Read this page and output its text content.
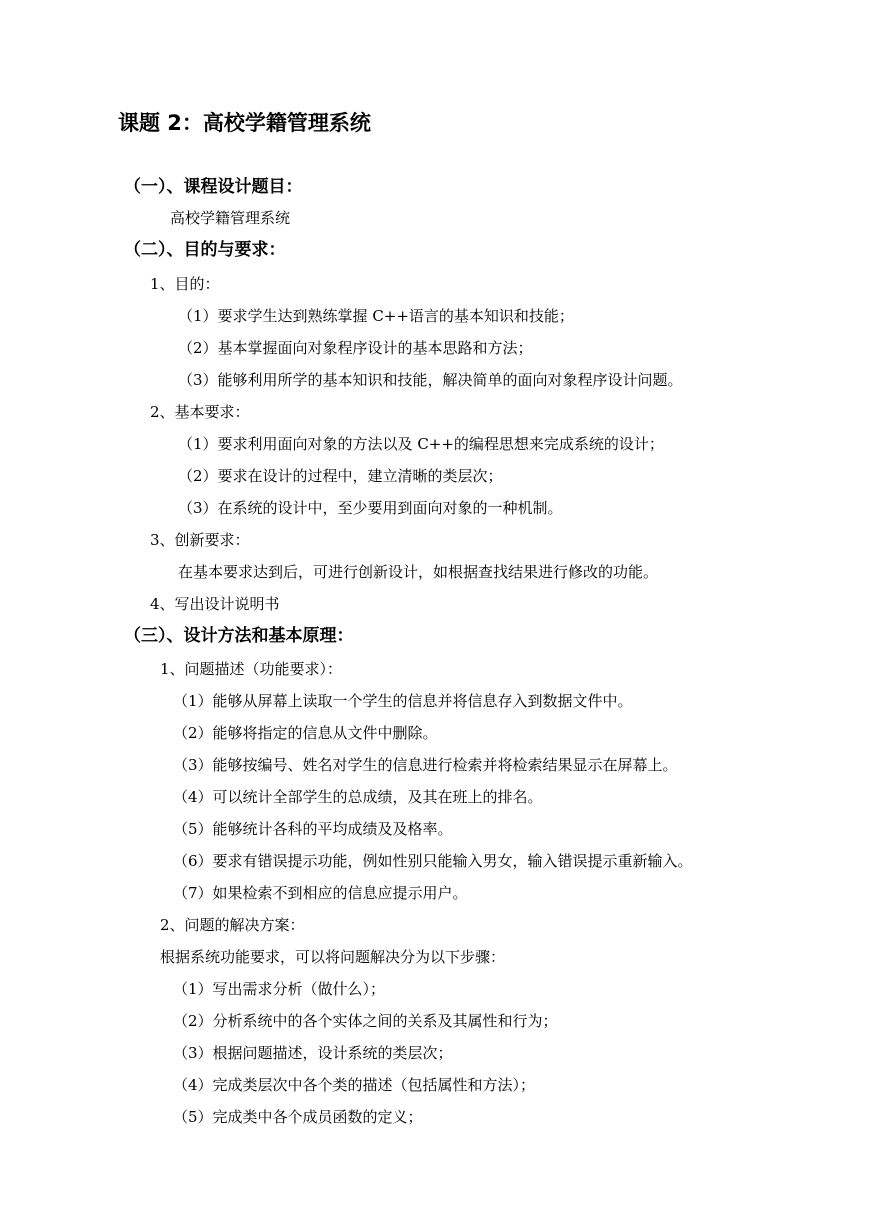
课题 2：高校学籍管理系统
（一）、课程设计题目：
高校学籍管理系统
（二）、目的与要求：
1、目的：
（1）要求学生达到熟练掌握 C++语言的基本知识和技能；
（2）基本掌握面向对象程序设计的基本思路和方法；
（3）能够利用所学的基本知识和技能，解决简单的面向对象程序设计问题。
2、基本要求：
（1）要求利用面向对象的方法以及 C++的编程思想来完成系统的设计；
（2）要求在设计的过程中，建立清晰的类层次；
（3）在系统的设计中，至少要用到面向对象的一种机制。
3、创新要求：
在基本要求达到后，可进行创新设计，如根据查找结果进行修改的功能。
4、写出设计说明书
（三）、设计方法和基本原理：
1、问题描述（功能要求）：
（1）能够从屏幕上读取一个学生的信息并将信息存入到数据文件中。
（2）能够将指定的信息从文件中删除。
（3）能够按编号、姓名对学生的信息进行检索并将检索结果显示在屏幕上。
（4）可以统计全部学生的总成绩，及其在班上的排名。
（5）能够统计各科的平均成绩及及格率。
（6）要求有错误提示功能，例如性别只能输入男女，输入错误提示重新输入。
（7）如果检索不到相应的信息应提示用户。
2、问题的解决方案：
根据系统功能要求，可以将问题解决分为以下步骤：
（1）写出需求分析（做什么）；
（2）分析系统中的各个实体之间的关系及其属性和行为；
（3）根据问题描述，设计系统的类层次；
（4）完成类层次中各个类的描述（包括属性和方法）；
（5）完成类中各个成员函数的定义；
